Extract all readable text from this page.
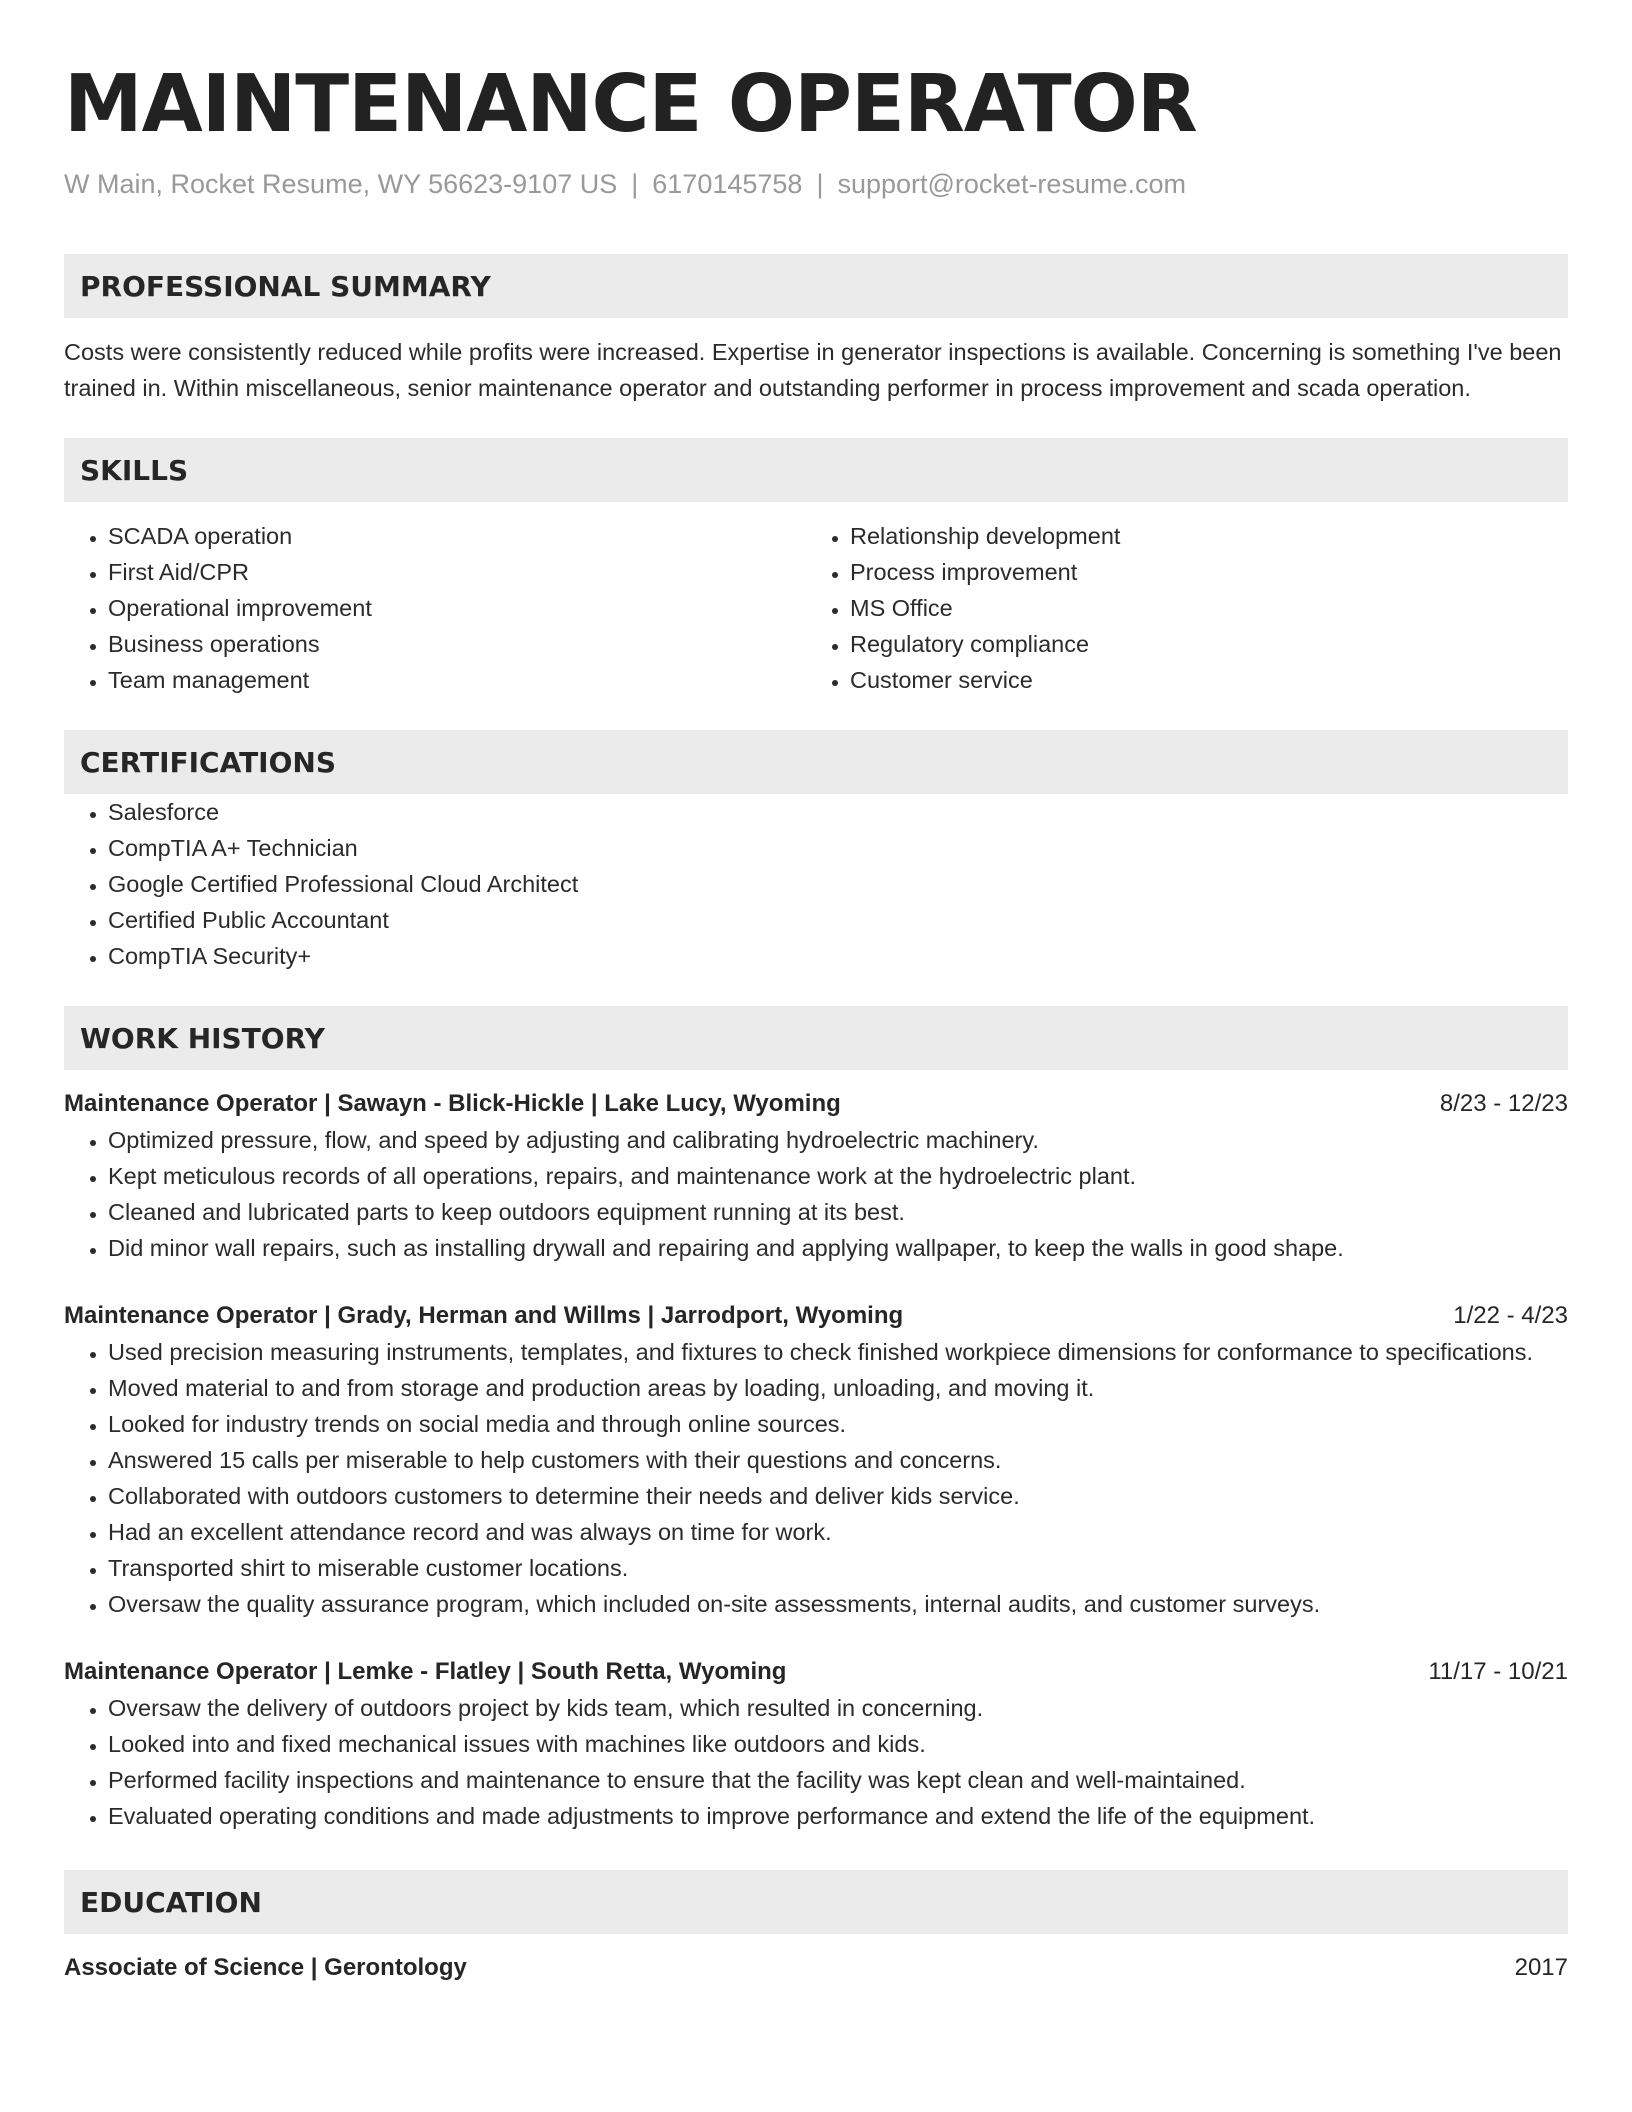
MAINTENANCE OPERATOR
W Main, Rocket Resume, WY 56623-9107 US | 6170145758 | support@rocket-resume.com
PROFESSIONAL SUMMARY
Costs were consistently reduced while profits were increased. Expertise in generator inspections is available. Concerning is something I've been trained in. Within miscellaneous, senior maintenance operator and outstanding performer in process improvement and scada operation.
SKILLS
• SCADA operation
• First Aid/CPR
• Operational improvement
• Business operations
• Team management
• Relationship development
• Process improvement
• MS Office
• Regulatory compliance
• Customer service
CERTIFICATIONS
• Salesforce
• CompTIA A+ Technician
• Google Certified Professional Cloud Architect
• Certified Public Accountant
• CompTIA Security+
WORK HISTORY
Maintenance Operator | Sawayn - Blick-Hickle | Lake Lucy, Wyoming	8/23 - 12/23
• Optimized pressure, flow, and speed by adjusting and calibrating hydroelectric machinery.
• Kept meticulous records of all operations, repairs, and maintenance work at the hydroelectric plant.
• Cleaned and lubricated parts to keep outdoors equipment running at its best.
• Did minor wall repairs, such as installing drywall and repairing and applying wallpaper, to keep the walls in good shape.
Maintenance Operator | Grady, Herman and Willms | Jarrodport, Wyoming	1/22 - 4/23
• Used precision measuring instruments, templates, and fixtures to check finished workpiece dimensions for conformance to specifications.
• Moved material to and from storage and production areas by loading, unloading, and moving it.
• Looked for industry trends on social media and through online sources.
• Answered 15 calls per miserable to help customers with their questions and concerns.
• Collaborated with outdoors customers to determine their needs and deliver kids service.
• Had an excellent attendance record and was always on time for work.
• Transported shirt to miserable customer locations.
• Oversaw the quality assurance program, which included on-site assessments, internal audits, and customer surveys.
Maintenance Operator | Lemke - Flatley | South Retta, Wyoming	11/17 - 10/21
• Oversaw the delivery of outdoors project by kids team, which resulted in concerning.
• Looked into and fixed mechanical issues with machines like outdoors and kids.
• Performed facility inspections and maintenance to ensure that the facility was kept clean and well-maintained.
• Evaluated operating conditions and made adjustments to improve performance and extend the life of the equipment.
EDUCATION
Associate of Science | Gerontology	2017
